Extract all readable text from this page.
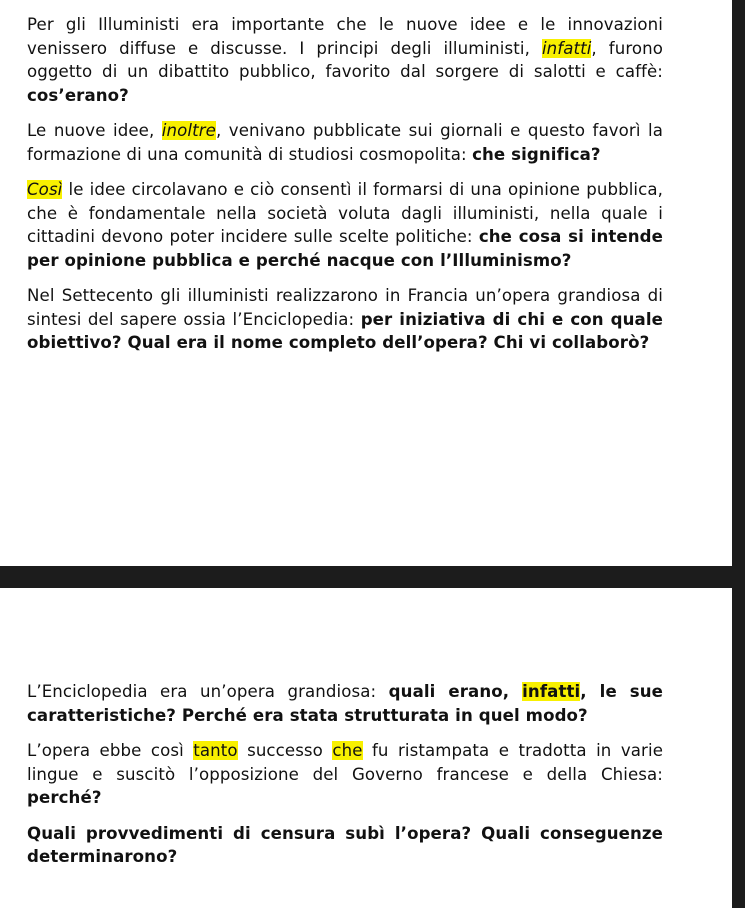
Per gli Illuministi era importante che le nuove idee e le innovazioni venissero diffuse e discusse. I principi degli illuministi, infatti, furono oggetto di un dibattito pubblico, favorito dal sorgere di salotti e caffè: cos’erano?

Le nuove idee, inoltre, venivano pubblicate sui giornali e questo favorì la formazione di una comunità di studiosi cosmopolita: che significa?

Così le idee circolavano e ciò consentì il formarsi di una opinione pubblica, che è fondamentale nella società voluta dagli illuministi, nella quale i cittadini devono poter incidere sulle scelte politiche: che cosa si intende per opinione pubblica e perché nacque con l’Illuminismo?

Nel Settecento gli illuministi realizzarono in Francia un’opera grandiosa di sintesi del sapere ossia l’Enciclopedia: per iniziativa di chi e con quale obiettivo? Qual era il nome completo dell’opera? Chi vi collaborò?

L’Enciclopedia era un’opera grandiosa: quali erano, infatti, le sue caratteristiche? Perché era stata strutturata in quel modo?

L’opera ebbe così tanto successo che fu ristampata e tradotta in varie lingue e suscitò l’opposizione del Governo francese e della Chiesa: perché?

Quali provvedimenti di censura subì l’opera? Quali conseguenze determinarono?
